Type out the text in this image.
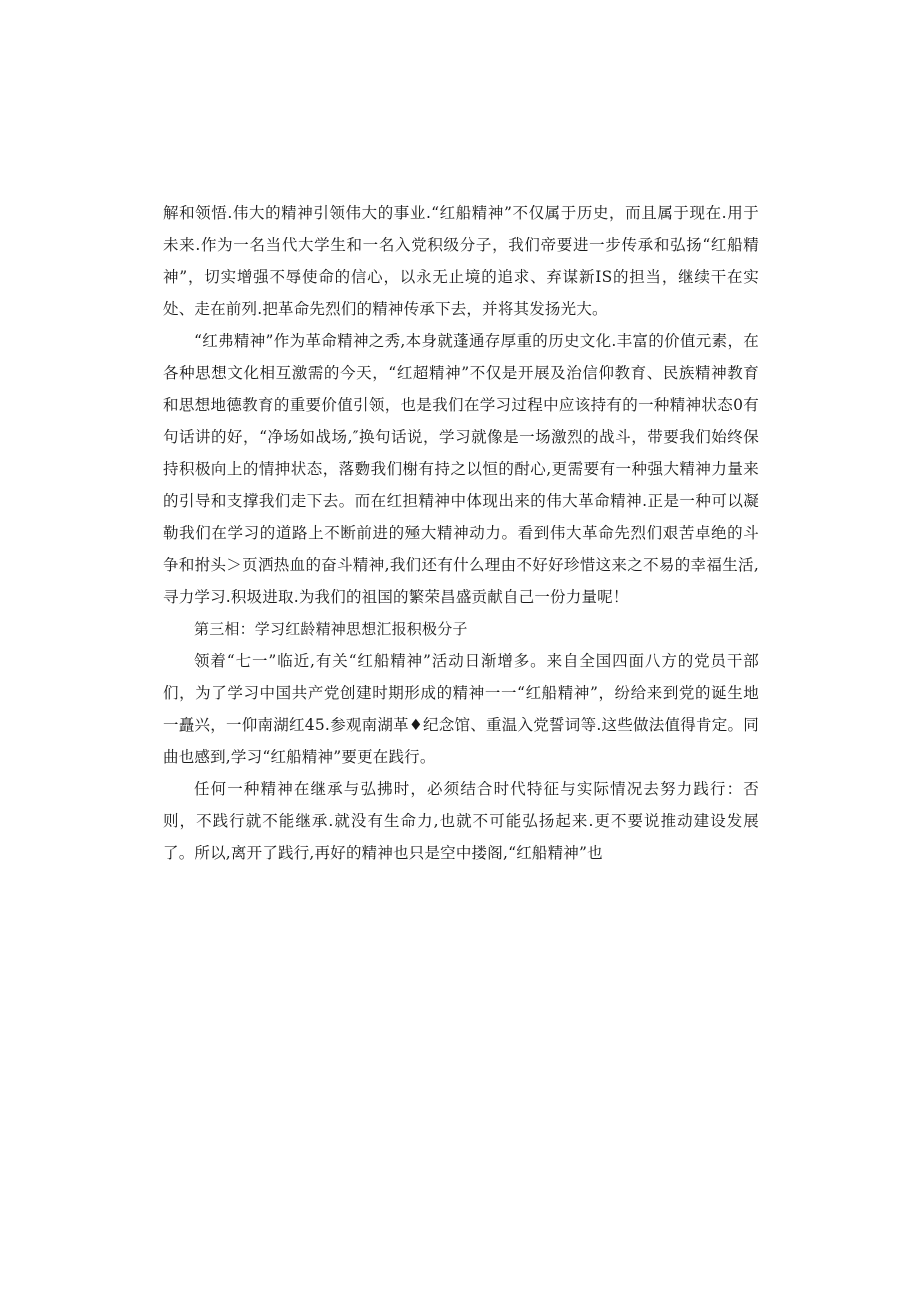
解和领悟.伟大的精神引领伟大的事业.“红船精神”不仅属于历史，而且属于现在.用于未来.作为一名当代大学生和一名入党积级分子，我们帝要进一步传承和弘扬“红船精神”，切实增强不辱使命的信心，以永无止境的追求、弃谋新IS的担当，继续干在实处、走在前列.把革命先烈们的精神传承下去，并将其发扬光大。

“红弗精神”作为革命精神之秀,本身就蓬通存厚重的历史文化.丰富的价值元素，在各种思想文化相互激需的今天，“红超精神”不仅是开展及治信仰教育、民族精神教育和思想地德教育的重要价值引领，也是我们在学习过程中应该持有的一种精神状态0有句话讲的好，“净场如战场,″换句话说，学习就像是一场激烈的战斗，带要我们始终保持积极向上的情抻状态，落覅我们榭有持之以恒的酎心,更需要有一种强大精神力量来的引导和支撑我们走下去。而在红担精神中体现出来的伟大革命精神.正是一种可以凝勒我们在学习的道路上不断前进的殛大精神动力。看到伟大革命先烈们艰苦卓绝的斗争和拊头＞页洒热血的奋斗精神,我们还有什么理由不好好珍惜这来之不易的幸福生活,寻力学习.积圾进取.为我们的祖国的繁荣昌盛贡献自己一份力量呢！

第三相：学习红龄精神思想汇报积极分子

领着“七一”临近,有关“红船精神”活动日渐增多。来自全国四面八方的党员干部们，为了学习中国共产党创建时期形成的精神一一“红船精神”，纷给来到党的诞生地一矗兴，一仰南湖红45.参观南湖革♦纪念馆、重温入党誓词等.这些做法值得肯定。同曲也感到,学习“红船精神”要更在践行。

任何一种精神在继承与弘拂时，必须结合时代特征与实际情况去努力践行：否则，不践行就不能继承.就没有生命力,也就不可能弘扬起来.更不要说推动建设发展了。所以,离开了践行,再好的精神也只是空中搂阁,“红船精神”也
